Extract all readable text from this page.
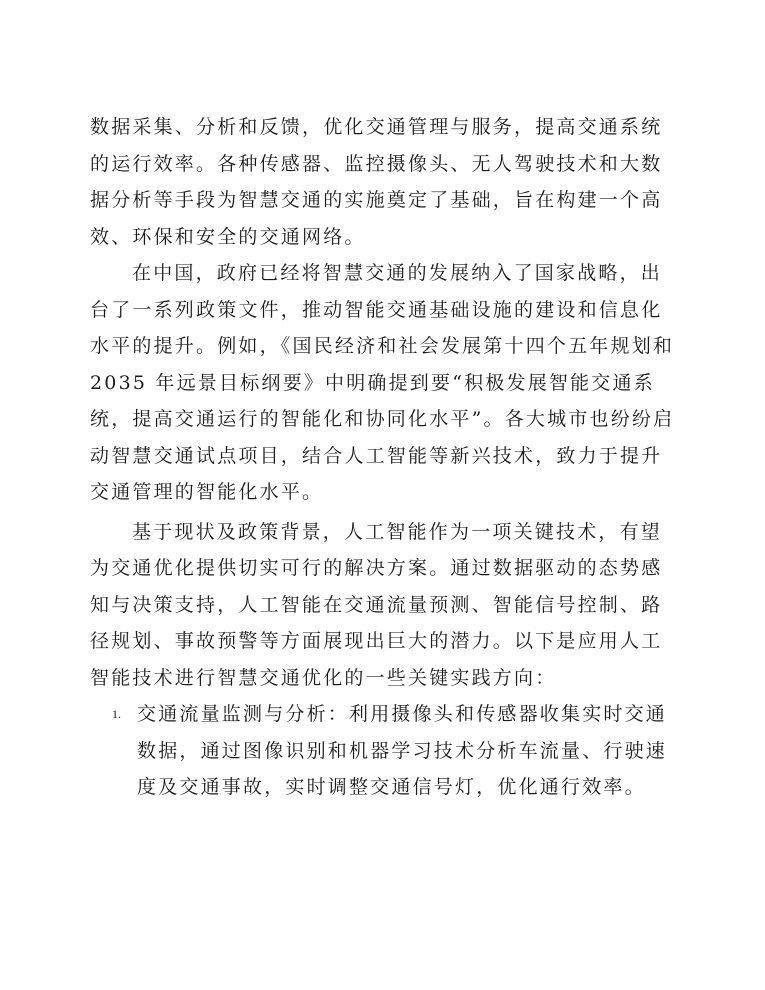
数据采集、分析和反馈，优化交通管理与服务，提高交通系统的运行效率。各种传感器、监控摄像头、无人驾驶技术和大数据分析等手段为智慧交通的实施奠定了基础，旨在构建一个高效、环保和安全的交通网络。

在中国，政府已经将智慧交通的发展纳入了国家战略，出台了一系列政策文件，推动智能交通基础设施的建设和信息化水平的提升。例如，《国民经济和社会发展第十四个五年规划和 2035 年远景目标纲要》中明确提到要“积极发展智能交通系统，提高交通运行的智能化和协同化水平”。各大城市也纷纷启动智慧交通试点项目，结合人工智能等新兴技术，致力于提升交通管理的智能化水平。

基于现状及政策背景，人工智能作为一项关键技术，有望为交通优化提供切实可行的解决方案。通过数据驱动的态势感知与决策支持，人工智能在交通流量预测、智能信号控制、路径规划、事故预警等方面展现出巨大的潜力。以下是应用人工智能技术进行智慧交通优化的一些关键实践方向：

1. 交通流量监测与分析：利用摄像头和传感器收集实时交通数据，通过图像识别和机器学习技术分析车流量、行驶速度及交通事故，实时调整交通信号灯，优化通行效率。
